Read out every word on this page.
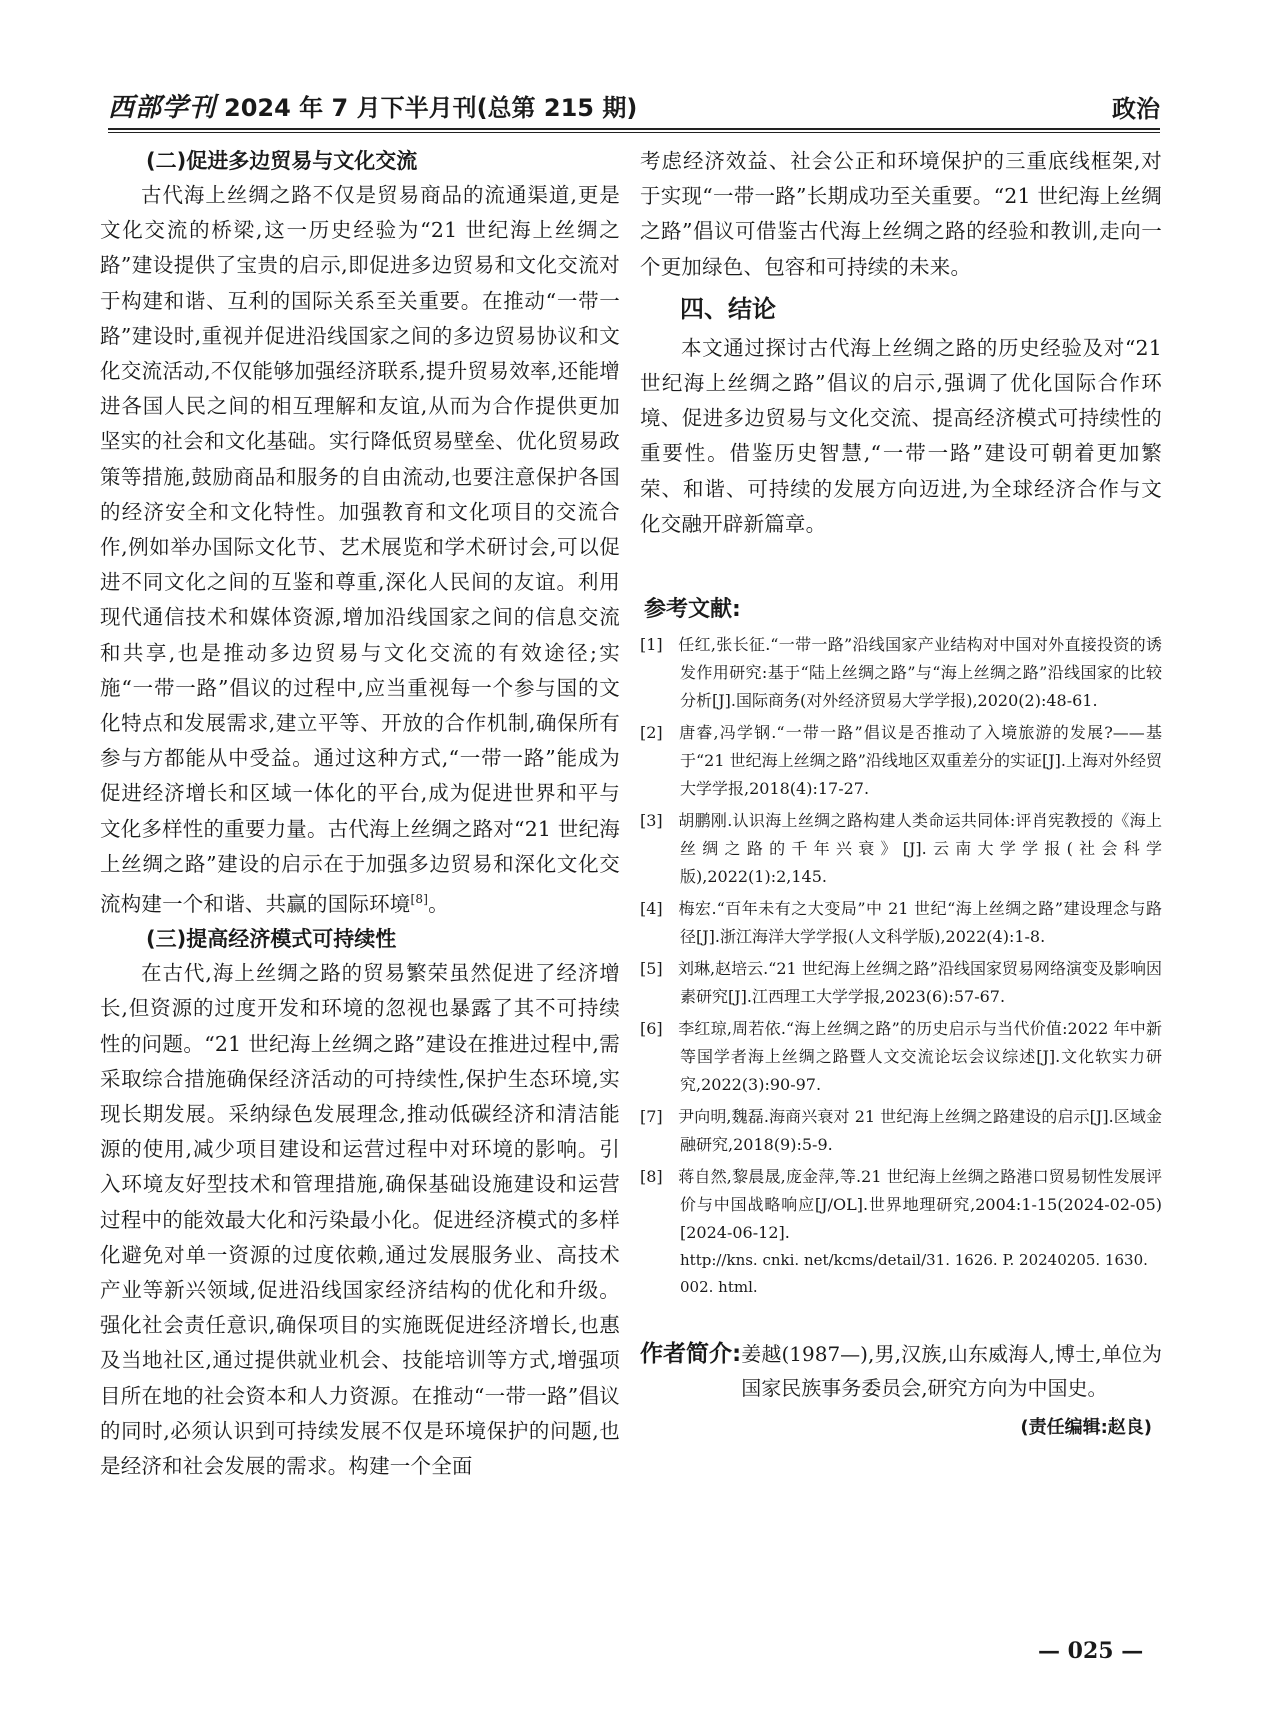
西部学刊 2024 年 7 月下半月刊(总第 215 期)	政治
(二)促进多边贸易与文化交流

古代海上丝绸之路不仅是贸易商品的流通渠道,更是文化交流的桥梁,这一历史经验为“21 世纪海上丝绸之路”建设提供了宝贵的启示,即促进多边贸易和文化交流对于构建和谐、互利的国际关系至关重要。在推动“一带一路”建设时,重视并促进沿线国家之间的多边贸易协议和文化交流活动,不仅能够加强经济联系,提升贸易效率,还能增进各国人民之间的相互理解和友谊,从而为合作提供更加坚实的社会和文化基础。实行降低贸易壁垒、优化贸易政策等措施,鼓励商品和服务的自由流动,也要注意保护各国的经济安全和文化特性。加强教育和文化项目的交流合作,例如举办国际文化节、艺术展览和学术研讨会,可以促进不同文化之间的互鉴和尊重,深化人民间的友谊。利用现代通信技术和媒体资源,增加沿线国家之间的信息交流和共享,也是推动多边贸易与文化交流的有效途径;实施“一带一路”倡议的过程中,应当重视每一个参与国的文化特点和发展需求,建立平等、开放的合作机制,确保所有参与方都能从中受益。通过这种方式,“一带一路”能成为促进经济增长和区域一体化的平台,成为促进世界和平与文化多样性的重要力量。古代海上丝绸之路对“21 世纪海上丝绸之路”建设的启示在于加强多边贸易和深化文化交流构建一个和谐、共赢的国际环境[8]。

(三)提高经济模式可持续性

在古代,海上丝绸之路的贸易繁荣虽然促进了经济增长,但资源的过度开发和环境的忽视也暴露了其不可持续性的问题。“21 世纪海上丝绸之路”建设在推进过程中,需采取综合措施确保经济活动的可持续性,保护生态环境,实现长期发展。采纳绿色发展理念,推动低碳经济和清洁能源的使用,减少项目建设和运营过程中对环境的影响。引入环境友好型技术和管理措施,确保基础设施建设和运营过程中的能效最大化和污染最小化。促进经济模式的多样化避免对单一资源的过度依赖,通过发展服务业、高技术产业等新兴领域,促进沿线国家经济结构的优化和升级。强化社会责任意识,确保项目的实施既促进经济增长,也惠及当地社区,通过提供就业机会、技能培训等方式,增强项目所在地的社会资本和人力资源。在推动“一带一路”倡议的同时,必须认识到可持续发展不仅是环境保护的问题,也是经济和社会发展的需求。构建一个全面

考虑经济效益、社会公正和环境保护的三重底线框架,对于实现“一带一路”长期成功至关重要。“21 世纪海上丝绸之路”倡议可借鉴古代海上丝绸之路的经验和教训,走向一个更加绿色、包容和可持续的未来。

四、结论

本文通过探讨古代海上丝绸之路的历史经验及对“21 世纪海上丝绸之路”倡议的启示,强调了优化国际合作环境、促进多边贸易与文化交流、提高经济模式可持续性的重要性。借鉴历史智慧,“一带一路”建设可朝着更加繁荣、和谐、可持续的发展方向迈进,为全球经济合作与文化交融开辟新篇章。

参考文献:

[1] 任红,张长征.“一带一路”沿线国家产业结构对中国对外直接投资的诱发作用研究:基于“陆上丝绸之路”与“海上丝绸之路”沿线国家的比较分析[J].国际商务(对外经济贸易大学学报),2020(2):48-61.

[2] 唐睿,冯学钢.“一带一路”倡议是否推动了入境旅游的发展?——基于“21 世纪海上丝绸之路”沿线地区双重差分的实证[J].上海对外经贸大学学报,2018(4):17-27.

[3] 胡鹏刚.认识海上丝绸之路构建人类命运共同体:评肖宪教授的《海上丝绸之路的千年兴衰》[J].云南大学学报(社会科学版),2022(1):2,145.

[4] 梅宏.“百年未有之大变局”中 21 世纪“海上丝绸之路”建设理念与路径[J].浙江海洋大学学报(人文科学版),2022(4):1-8.

[5] 刘琳,赵培云.“21 世纪海上丝绸之路”沿线国家贸易网络演变及影响因素研究[J].江西理工大学学报,2023(6):57-67.

[6] 李红琼,周若依.“海上丝绸之路”的历史启示与当代价值:2022 年中新等国学者海上丝绸之路暨人文交流论坛会议综述[J].文化软实力研究,2022(3):90-97.

[7] 尹向明,魏磊.海商兴衰对 21 世纪海上丝绸之路建设的启示[J].区域金融研究,2018(9):5-9.

[8] 蒋自然,黎晨晟,庞金萍,等.21 世纪海上丝绸之路港口贸易韧性发展评价与中国战略响应[J/OL].世界地理研究,2004:1-15(2024-02-05)[2024-06-12].

http://kns. cnki. net/kcms/detail/31. 1626. P. 20240205. 1630. 002. html.

作者简介: 姜越(1987—),男,汉族,山东威海人,博士,单位为国家民族事务委员会,研究方向为中国史。
(责任编辑:赵良)
— 025 —
